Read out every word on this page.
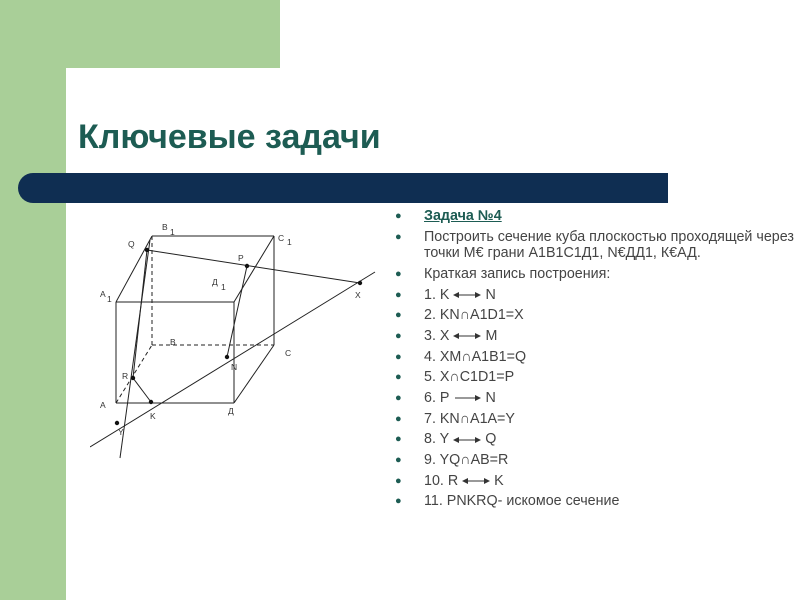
Ключевые задачи
B 1
C 1
Q
P
A 1
Д 1
X
B
C
N
R
A
K	Д
Y
● Задача №4
● Построить сечение куба плоскостью проходящей через точки М€ грани А1В1С1Д1, N€ДД1, К€АД.
● Краткая запись построения:
● 1. K	N
● 2. KN∩A1D1=X
● 3. X	M
● 4. XM∩A1B1=Q
● 5. X∩C1D1=P
● 6. P	N
● 7. KN∩A1A=Y
● 8. Y	Q
● 9. YQ∩AB=R
● 10. R	K
● 11. PNKRQ- искомое сечение
